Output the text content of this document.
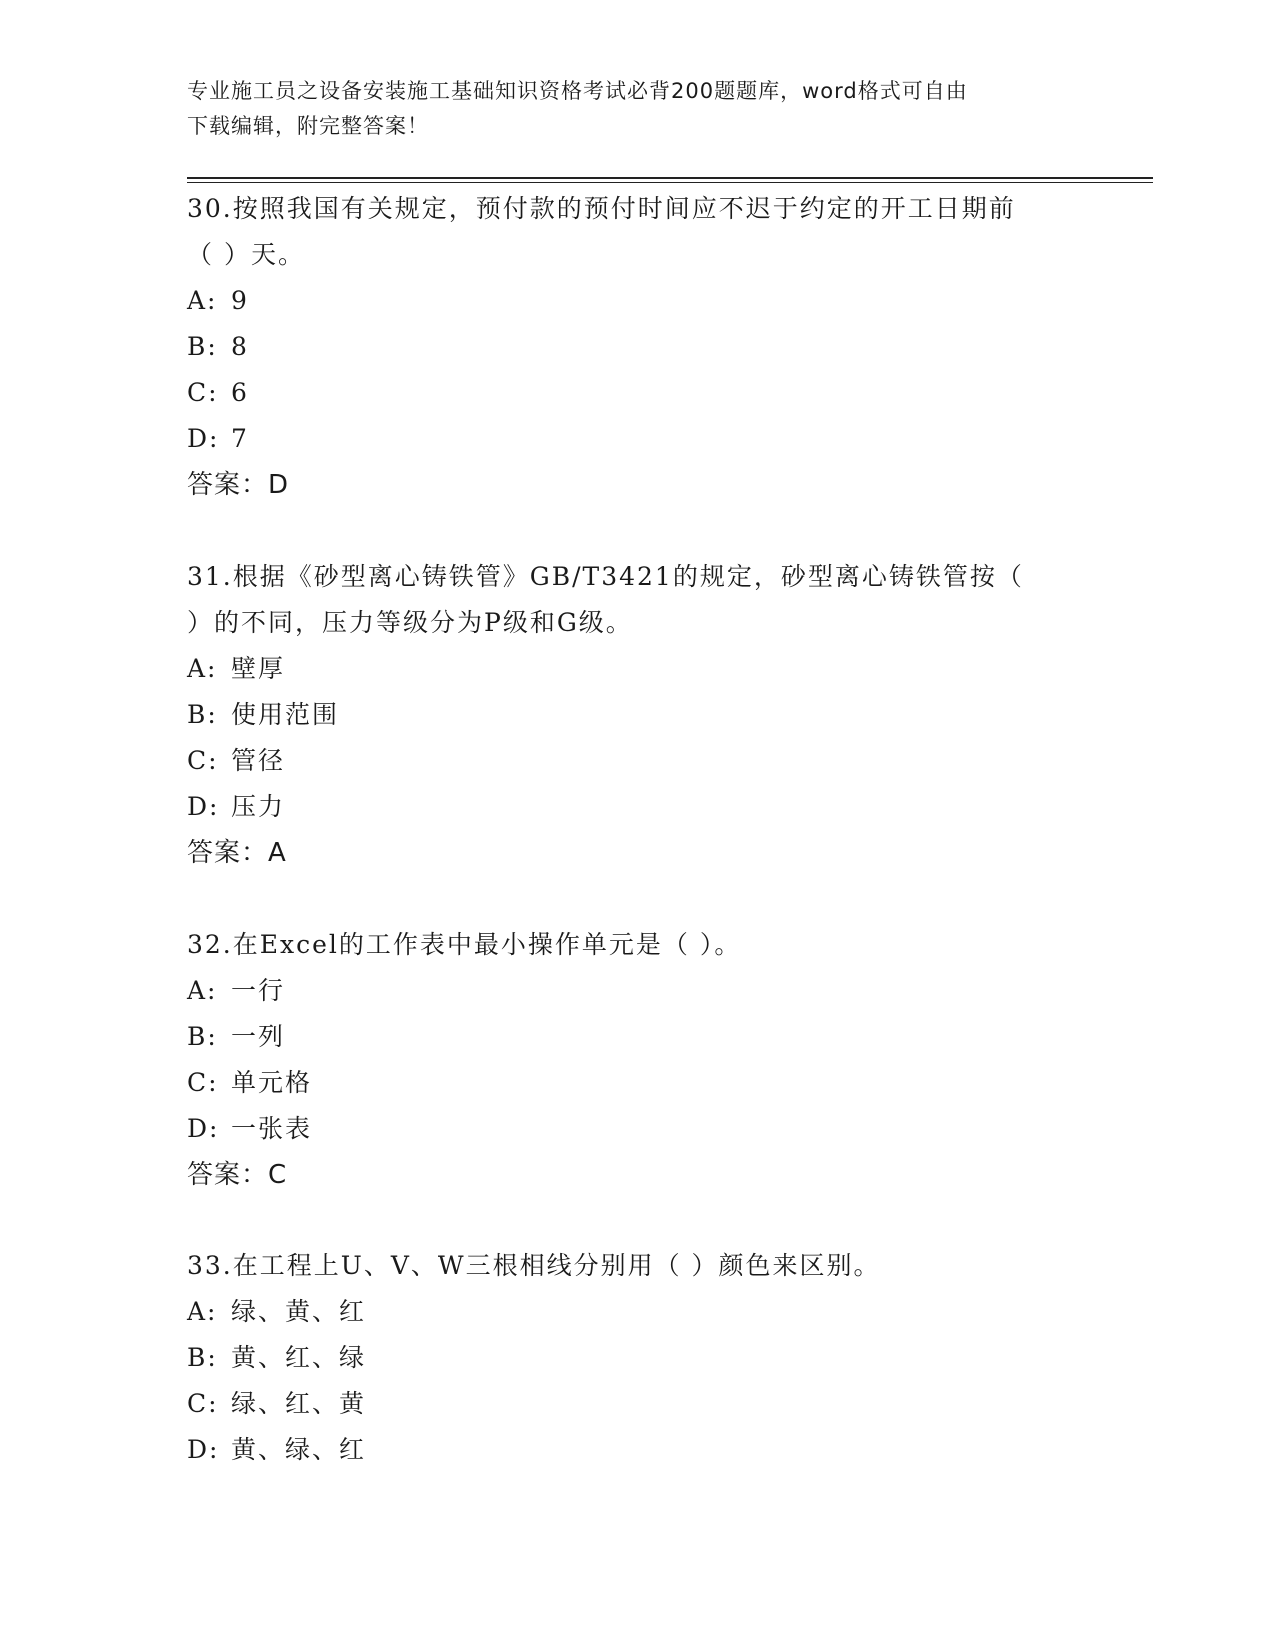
专业施工员之设备安装施工基础知识资格考试必背200题题库，word格式可自由
下载编辑，附完整答案！
30.按照我国有关规定，预付款的预付时间应不迟于约定的开工日期前
（ ）天。
A: 9
B: 8
C: 6
D: 7
答案：D
31.根据《砂型离心铸铁管》GB/T3421的规定，砂型离心铸铁管按（
）的不同，压力等级分为P级和G级。
A: 壁厚
B: 使用范围
C: 管径
D: 压力
答案：A
32.在Excel的工作表中最小操作单元是（ ）。
A: 一行
B: 一列
C: 单元格
D: 一张表
答案：C
33.在工程上U、V、W三根相线分别用（ ）颜色来区别。
A: 绿、黄、红
B: 黄、红、绿
C: 绿、红、黄
D: 黄、绿、红
